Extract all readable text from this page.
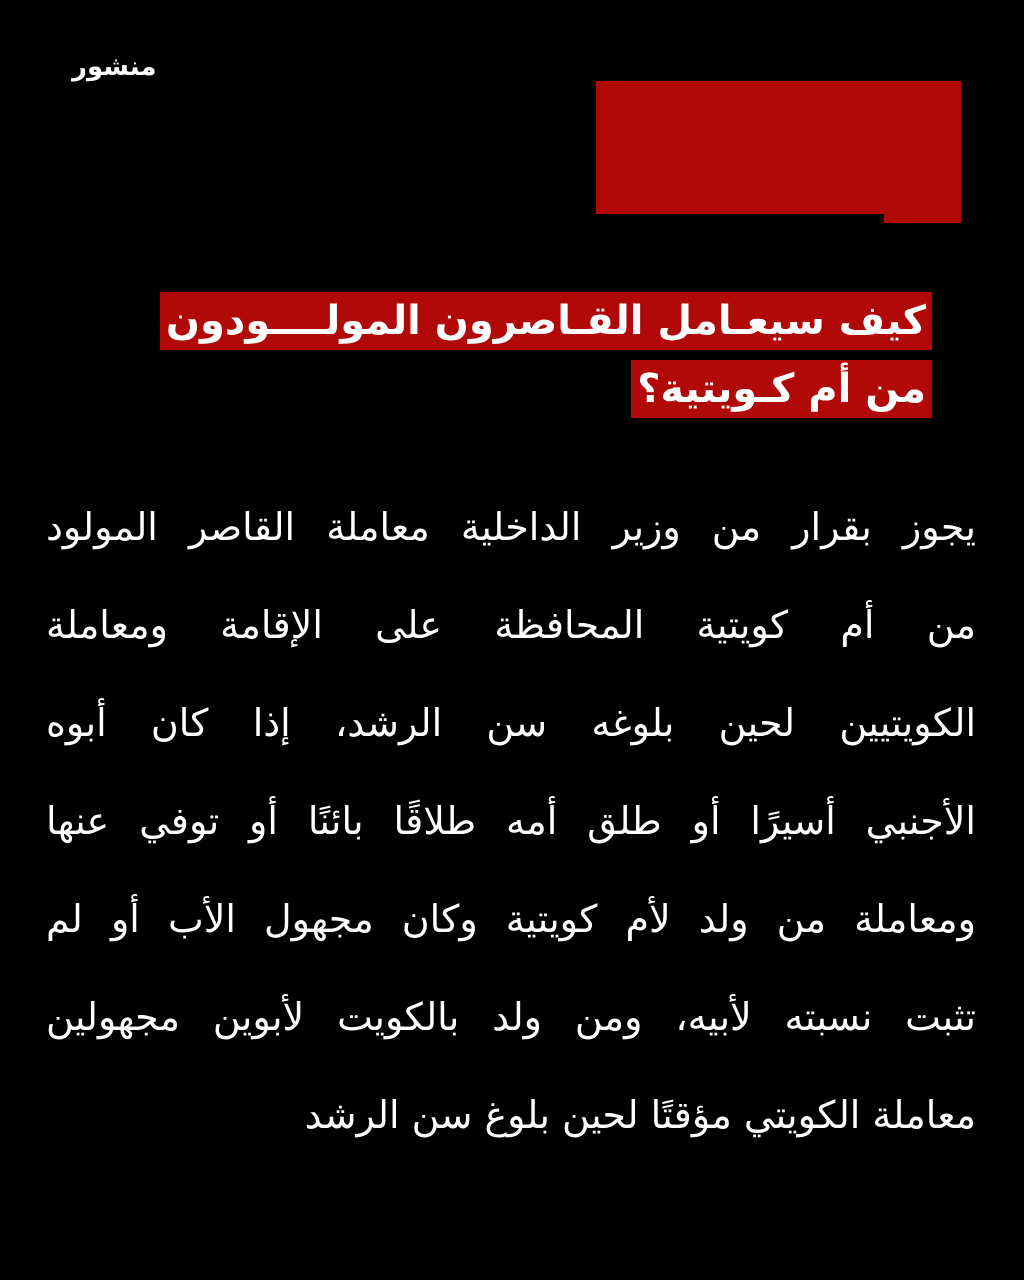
منشور
كيف سيعـامل القـاصرون المولــــودون
من أم كـويتية؟
يجوز بقرار من وزير الداخلية معاملة القاصر المولود
من أم كويتية المحافظة على الإقامة ومعاملة
الكويتيين لحين بلوغه سن الرشد، إذا كان أبوه
الأجنبي أسيرًا أو طلق أمه طلاقًا بائنًا أو توفي عنها
ومعاملة من ولد لأم كويتية وكان مجهول الأب أو لم
تثبت نسبته لأبيه، ومن ولد بالكويت لأبوين مجهولين
معاملة الكويتي مؤقتًا لحين بلوغ سن الرشد
